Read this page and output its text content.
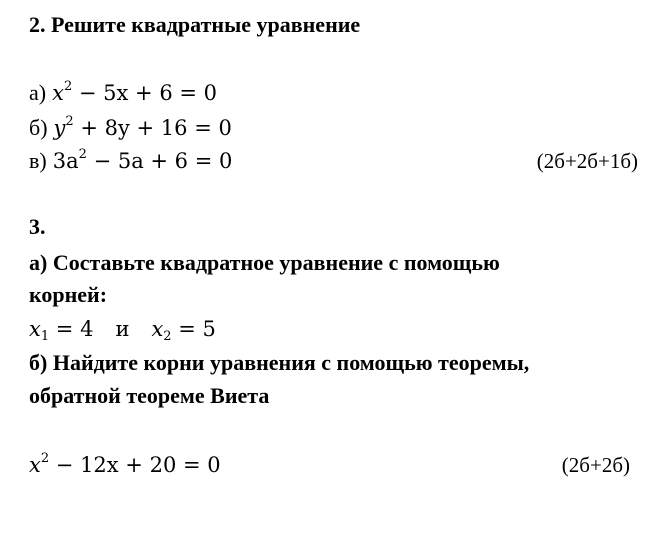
2. Решите квадратные уравнение
а) $x^2 - 5x + 6 = 0$
б) $y^2 + 8y + 16 = 0$
в) $3a^2 - 5a + 6 = 0$	(2б+2б+1б)
3.
а) Составьте квадратное уравнение с помощью
корней:
$x_1 = 4$ и $x_2 = 5$
б) Найдите корни уравнения с помощью теоремы,
обратной теореме Виета
$x^2 - 12x + 20 = 0$	(2б+2б)
